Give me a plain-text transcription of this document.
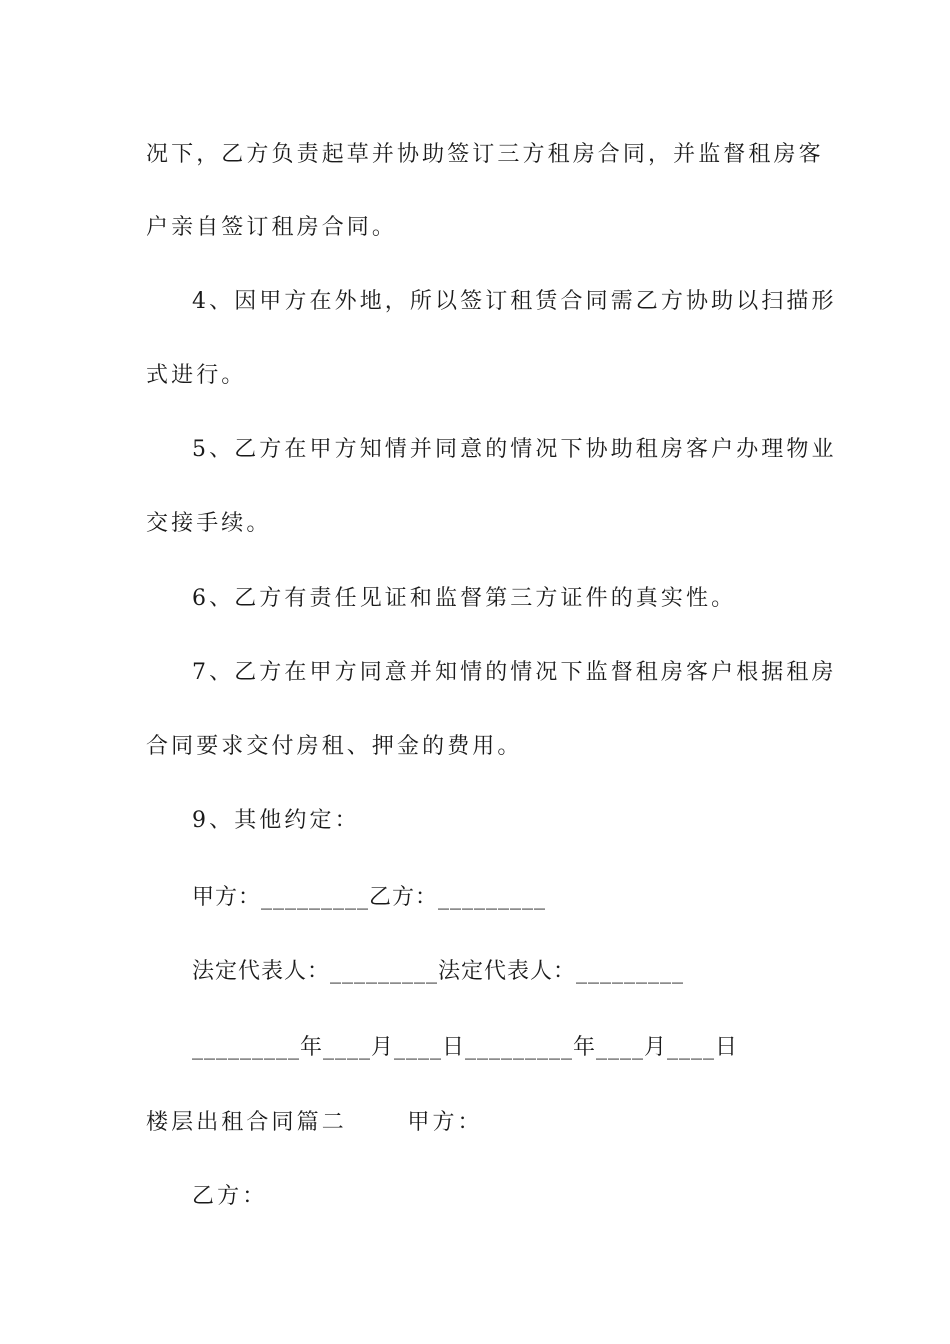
况下，乙方负责起草并协助签订三方租房合同，并监督租房客
户亲自签订租房合同。
4、因甲方在外地，所以签订租赁合同需乙方协助以扫描形
式进行。
5、乙方在甲方知情并同意的情况下协助租房客户办理物业
交接手续。
6、乙方有责任见证和监督第三方证件的真实性。
7、乙方在甲方同意并知情的情况下监督租房客户根据租房
合同要求交付房租、押金的费用。
9、其他约定：
甲方：_________乙方：_________
法定代表人：_________法定代表人：_________
_________年____月____日_________年____月____日
楼层出租合同篇二      甲方：
乙方：
